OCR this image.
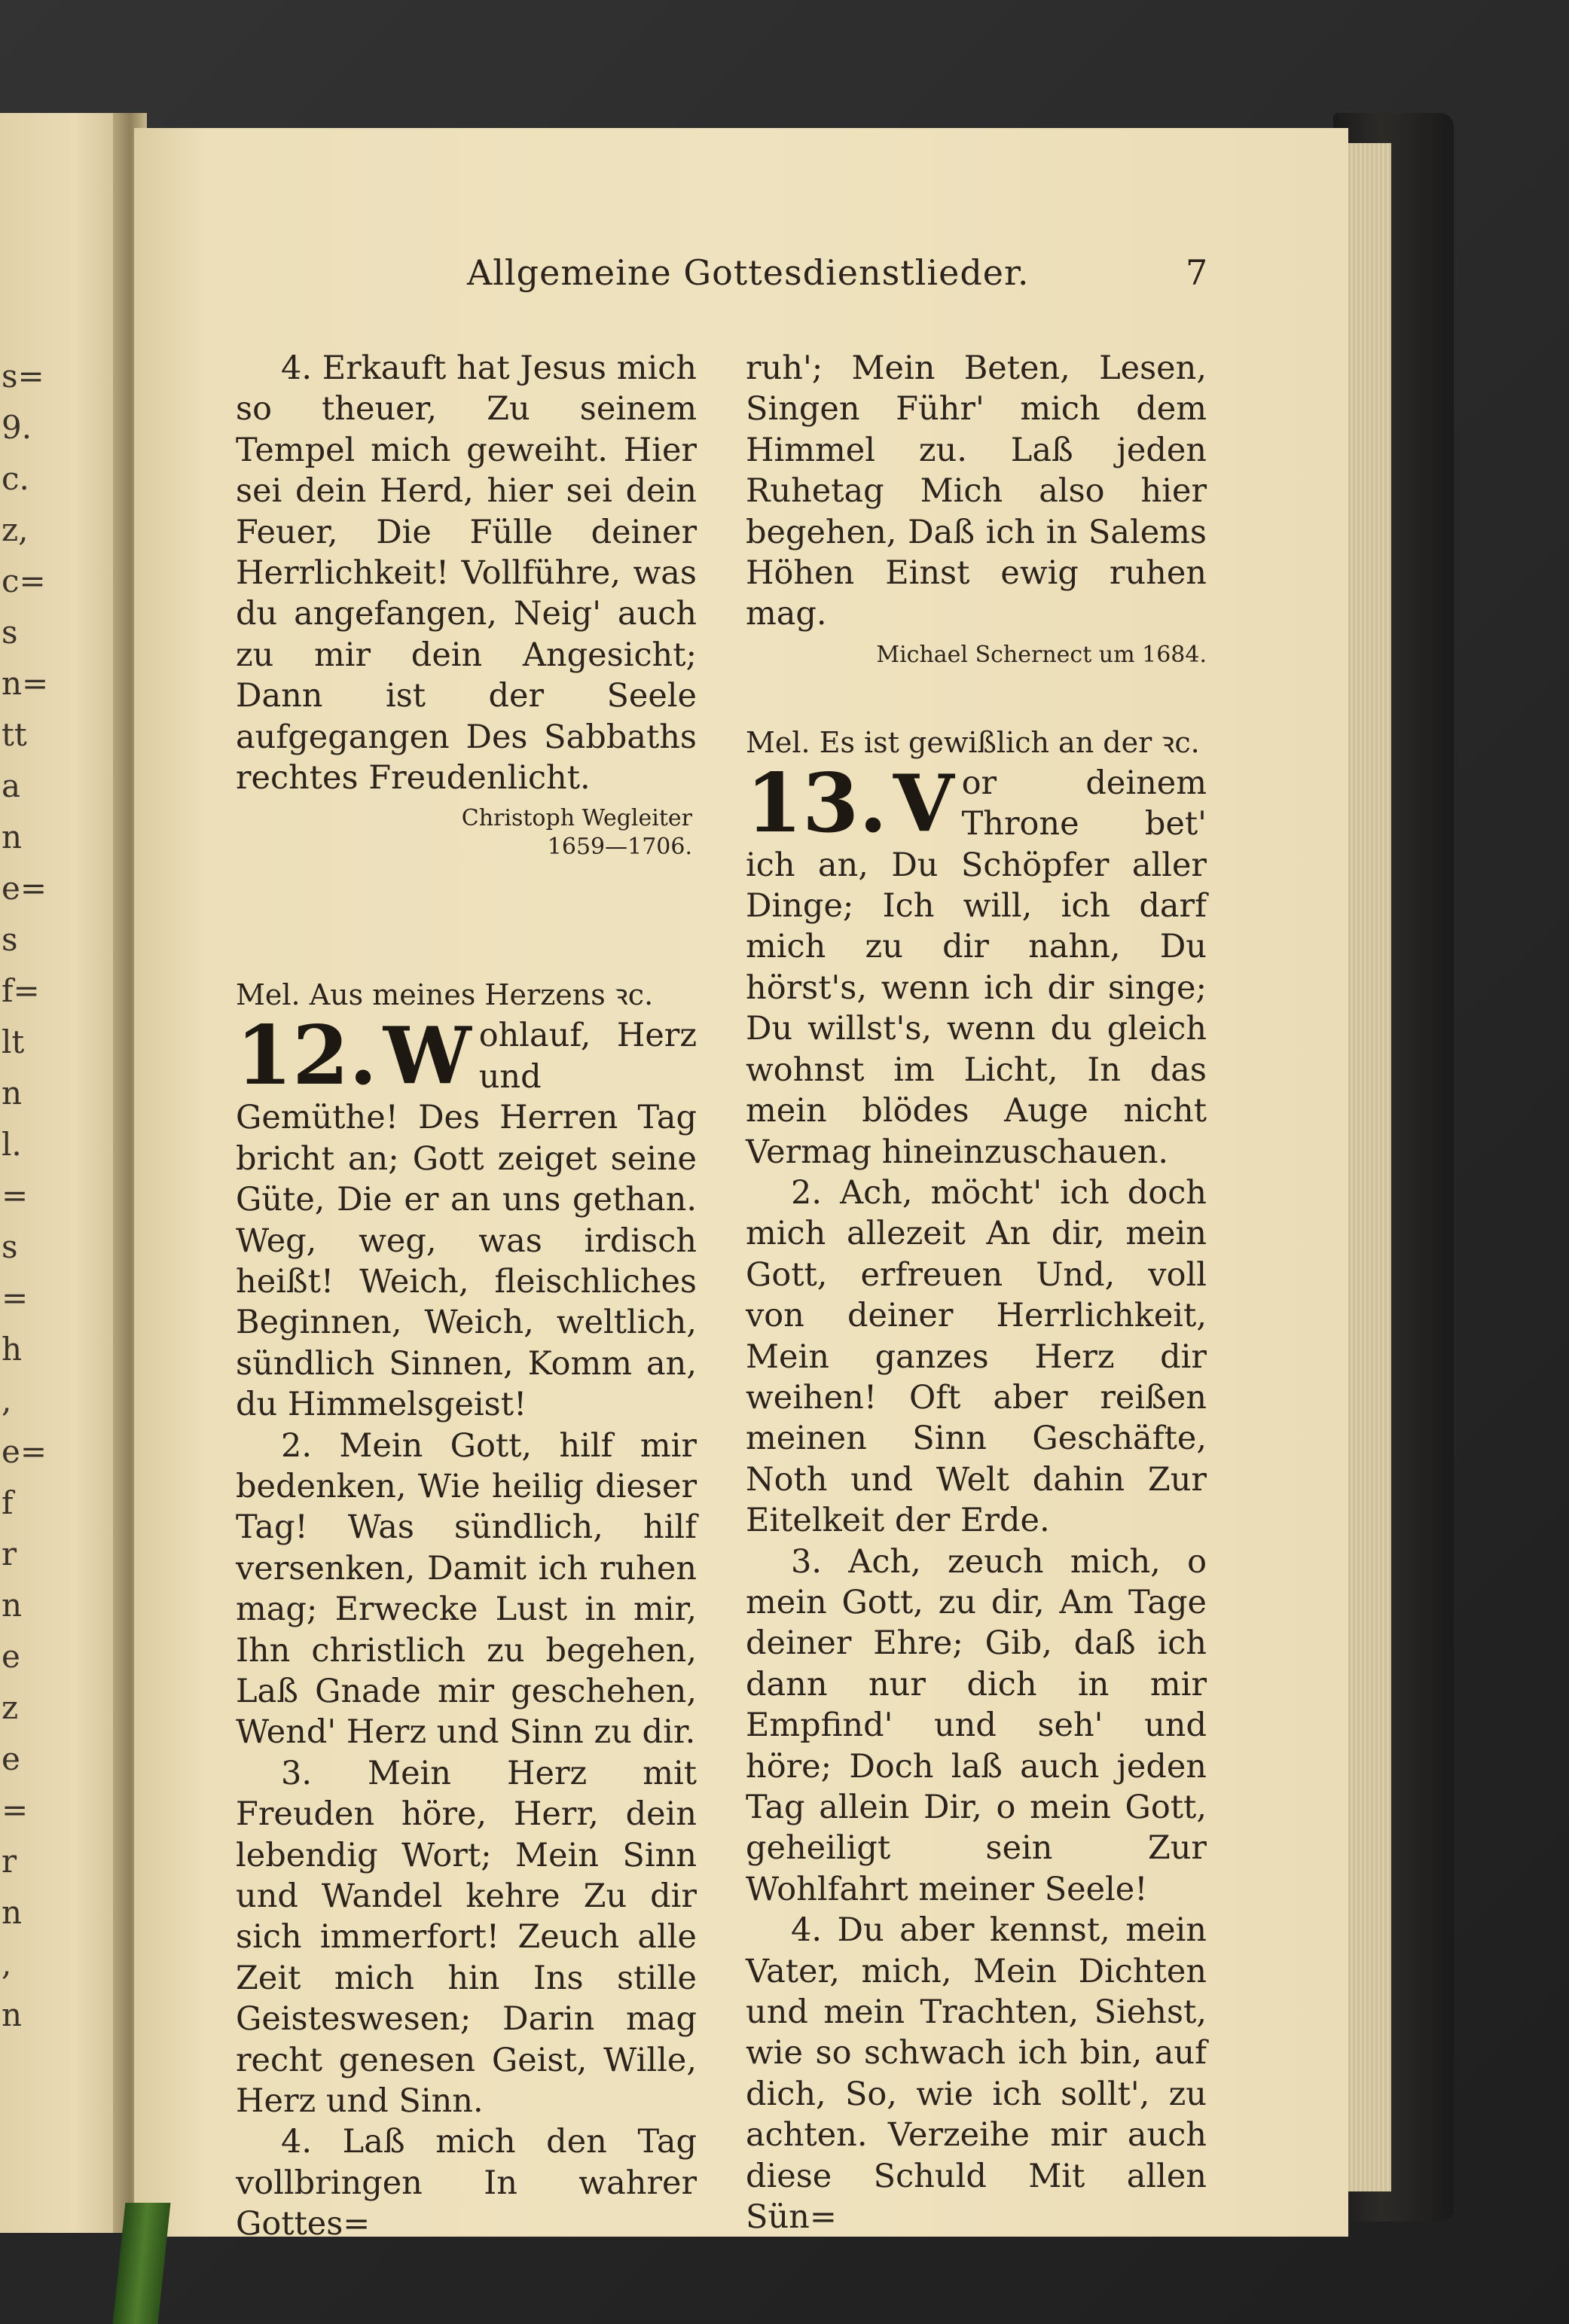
s=
9.
c.
z,
c=
s
n=
tt
a
n
e=
s
f=
lt
n
l.
=
s
=
h
,
e=
f
r
n
e
z
e
=
r
n
,
n
Allgemeine Gottesdienstlieder.	7

4. Erkauft hat Jesus mich so theuer, Zu seinem Tempel mich geweiht. Hier sei dein Herd, hier sei dein Feuer, Die Fülle deiner Herrlichkeit! Vollführe, was du angefangen, Neig' auch zu mir dein Angesicht; Dann ist der Seele aufgegangen Des Sabbaths rechtes Freudenlicht.

Christoph Wegleiter
1659—1706.

Mel. Aus meines Herzens ꝛc.

12. W ohlauf, Herz und Gemüthe! Des Herren Tag bricht an; Gott zeiget seine Güte, Die er an uns gethan. Weg, weg, was irdisch heißt! Weich, fleischliches Beginnen, Weich, weltlich, sündlich Sinnen, Komm an, du Himmelsgeist!

2. Mein Gott, hilf mir bedenken, Wie heilig dieser Tag! Was sündlich, hilf versenken, Damit ich ruhen mag; Erwecke Lust in mir, Ihn christlich zu begehen, Laß Gnade mir geschehen, Wend' Herz und Sinn zu dir.

3. Mein Herz mit Freuden höre, Herr, dein lebendig Wort; Mein Sinn und Wandel kehre Zu dir sich immerfort! Zeuch alle Zeit mich hin Ins stille Geisteswesen; Darin mag recht genesen Geist, Wille, Herz und Sinn.

4. Laß mich den Tag vollbringen In wahrer Gottes=

ruh'; Mein Beten, Lesen, Singen Führ' mich dem Himmel zu. Laß jeden Ruhetag Mich also hier begehen, Daß ich in Salems Höhen Einst ewig ruhen mag.

Michael Schernect um 1684.

Mel. Es ist gewißlich an der ꝛc.

13. V or deinem Throne bet' ich an, Du Schöpfer aller Dinge; Ich will, ich darf mich zu dir nahn, Du hörst's, wenn ich dir singe; Du willst's, wenn du gleich wohnst im Licht, In das mein blödes Auge nicht Vermag hineinzuschauen.

2. Ach, möcht' ich doch mich allezeit An dir, mein Gott, erfreuen Und, voll von deiner Herrlichkeit, Mein ganzes Herz dir weihen! Oft aber reißen meinen Sinn Geschäfte, Noth und Welt dahin Zur Eitelkeit der Erde.

3. Ach, zeuch mich, o mein Gott, zu dir, Am Tage deiner Ehre; Gib, daß ich dann nur dich in mir Empfind' und seh' und höre; Doch laß auch jeden Tag allein Dir, o mein Gott, geheiligt sein Zur Wohlfahrt meiner Seele!

4. Du aber kennst, mein Vater, mich, Mein Dichten und mein Trachten, Siehst, wie so schwach ich bin, auf dich, So, wie ich sollt', zu achten. Verzeihe mir auch diese Schuld Mit allen Sün=
